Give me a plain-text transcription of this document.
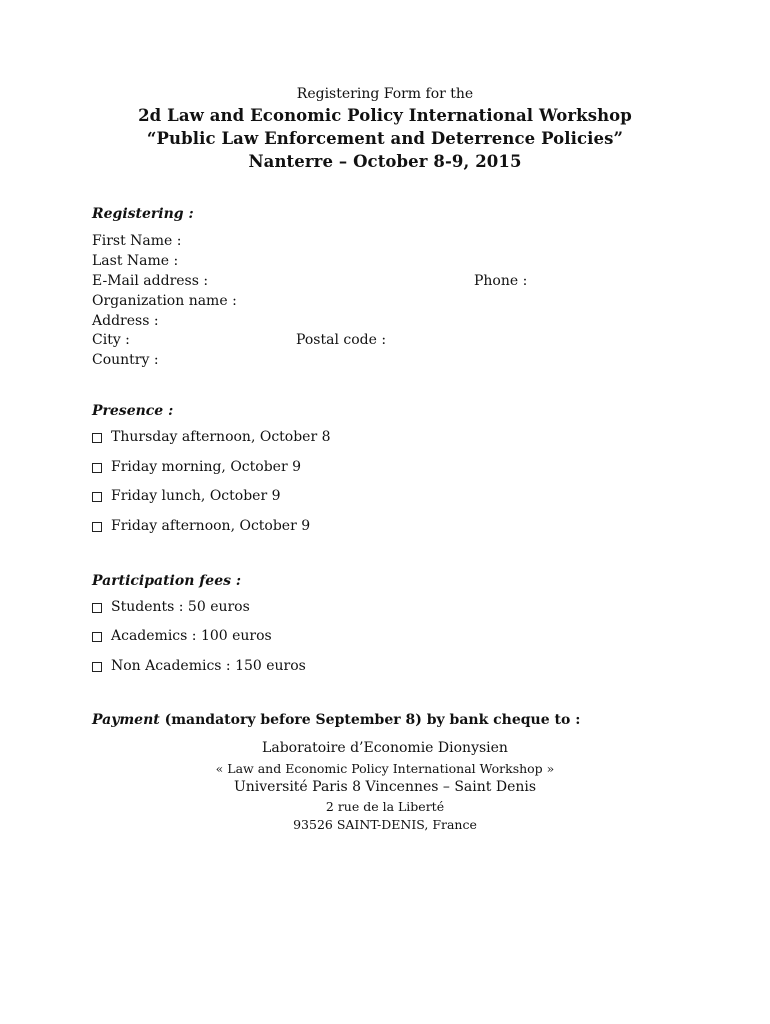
Registering Form for the
2d Law and Economic Policy International Workshop
“Public Law Enforcement and Deterrence Policies”
Nanterre – October 8-9, 2015
Registering :
First Name :
Last Name :
E-Mail address :	Phone :
Organization name :
Address :
City :	Postal code :
Country :
Presence :
Thursday afternoon, October 8
Friday morning, October 9
Friday lunch, October 9
Friday afternoon, October 9
Participation fees :
Students : 50 euros
Academics : 100 euros
Non Academics : 150 euros
Payment (mandatory before September 8) by bank cheque to :
Laboratoire d’Economie Dionysien
« Law and Economic Policy International Workshop »
Université Paris 8 Vincennes – Saint Denis
2 rue de la Liberté
93526 SAINT-DENIS, France
